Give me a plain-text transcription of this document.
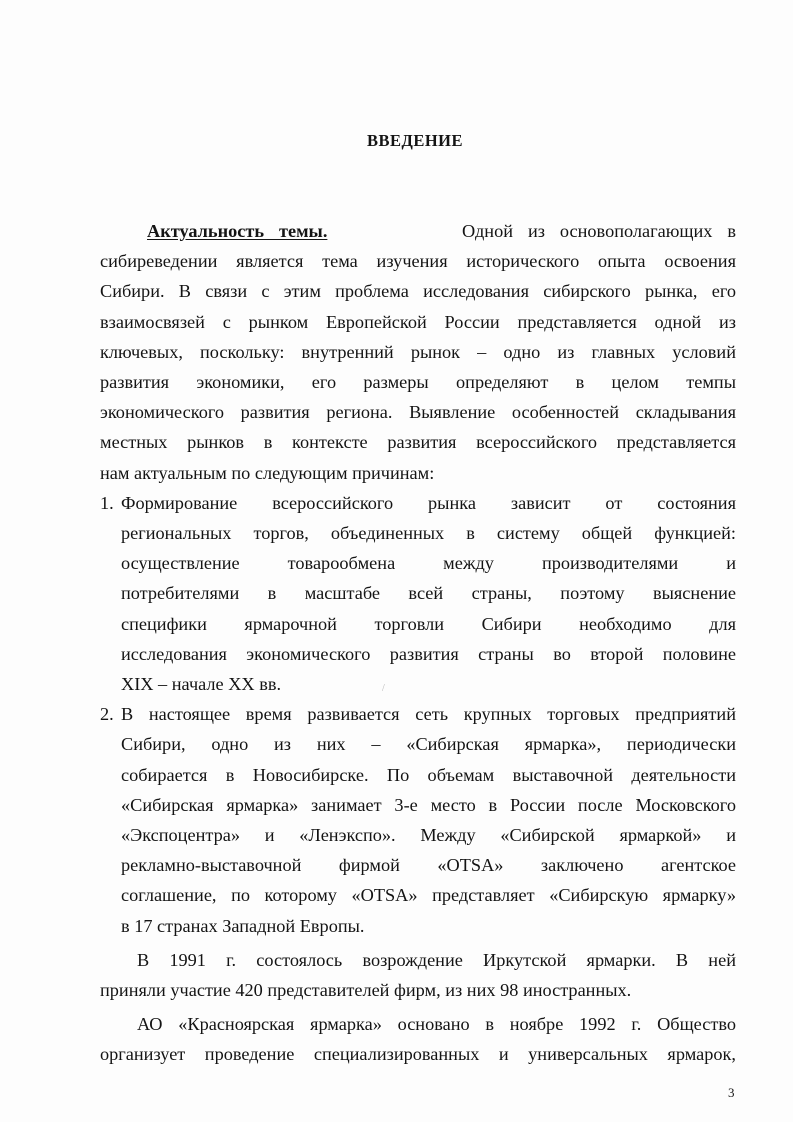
ВВЕДЕНИЕ

Актуальность темы.	Одной из основополагающих в

сибиреведении является тема изучения исторического опыта освоения

Сибири. В связи с этим проблема исследования сибирского рынка, его

взаимосвязей с рынком Европейской России представляется одной из

ключевых, поскольку: внутренний рынок – одно из главных условий

развития экономики, его размеры определяют в целом темпы

экономического развития региона. Выявление особенностей складывания

местных рынков в контексте развития всероссийского представляется

нам актуальным по следующим причинам:

1. Формирование всероссийского рынка зависит от состояния

региональных торгов, объединенных в систему общей функцией:

осуществление товарообмена между производителями и

потребителями в масштабе всей страны, поэтому выяснение

специфики ярмарочной торговли Сибири необходимо для

исследования экономического развития страны во второй половине

XIX – начале XX вв.

2. В настоящее время развивается сеть крупных торговых предприятий

Сибири, одно из них – «Сибирская ярмарка», периодически

собирается в Новосибирске. По объемам выставочной деятельности

«Сибирская ярмарка» занимает 3-е место в России после Московского

«Экспоцентра» и «Ленэкспо». Между «Сибирской ярмаркой» и

рекламно-выставочной фирмой «OTSA» заключено агентское

соглашение, по которому «OTSA» представляет «Сибирскую ярмарку»

в 17 странах Западной Европы.

В 1991 г. состоялось возрождение Иркутской ярмарки. В ней

приняли участие 420 представителей фирм, из них 98 иностранных.

АО «Красноярская ярмарка» основано в ноябре 1992 г. Общество

организует проведение специализированных и универсальных ярмарок,

/
3
